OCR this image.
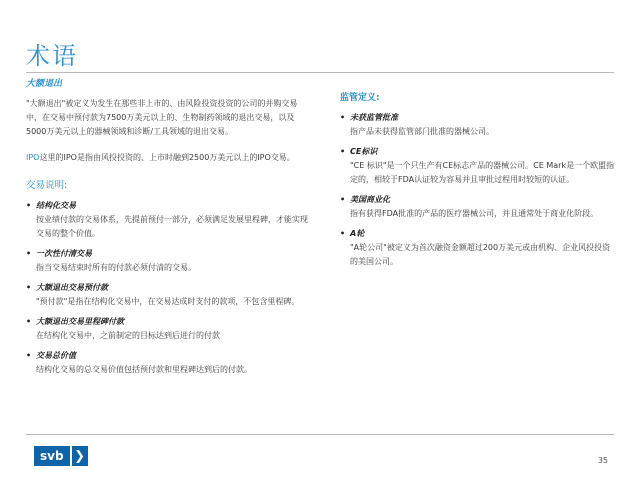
术语
大额退出

"大额退出"被定义为发生在那些非上市的、由风险投资投资的公司的并购交易中，在交易中预付款为7500万美元以上的、生物制药领域的退出交易，以及5000万美元以上的器械领域和诊断/工具领域的退出交易。

IPO这里的IPO是指由风投投资的、上市时融到2500万美元以上的IPO交易。

交易说明:
• 结构化交易
按业绩付款的交易体系，先提前预付一部分，必须满足发展里程碑，才能实现交易的整个价值。
• 一次性付清交易
指当交易结束时所有的付款必须付清的交易。
• 大额退出交易预付款
"预付款"是指在结构化交易中，在交易达成时支付的款项，不包含里程碑。
• 大额退出交易里程碑付款
在结构化交易中，之前制定的目标达到后进行的付款
• 交易总价值
结构化交易的总交易价值包括预付款和里程碑达到后的付款。
监管定义:
• 未获监管批准
指产品未获得监管部门批准的器械公司。
• CE标识
"CE 标识"是一个只生产有CE标志产品的器械公司。CE Mark是一个欧盟指定的，相较于FDA认证较为容易并且审批过程用时较短的认证。
• 美国商业化
指有获得FDA批准的产品的医疗器械公司，并且通常处于商业化阶段。
• A轮
"A轮公司"被定义为首次融资金额超过200万美元或由机构、企业风投投资的美国公司。
svb ❯	35
